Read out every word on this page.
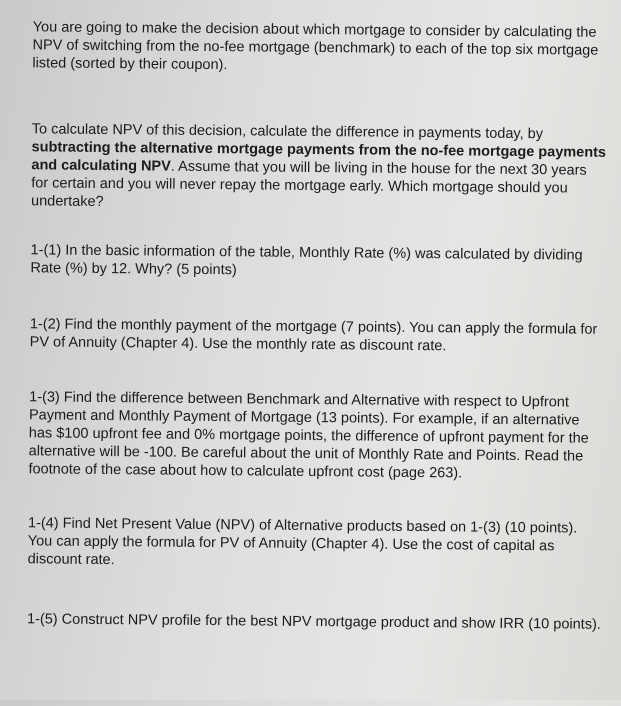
You are going to make the decision about which mortgage to consider by calculating the NPV of switching from the no-fee mortgage (benchmark) to each of the top six mortgage listed (sorted by their coupon).

To calculate NPV of this decision, calculate the difference in payments today, by subtracting the alternative mortgage payments from the no-fee mortgage payments and calculating NPV. Assume that you will be living in the house for the next 30 years for certain and you will never repay the mortgage early. Which mortgage should you undertake?

1-(1) In the basic information of the table, Monthly Rate (%) was calculated by dividing Rate (%) by 12. Why? (5 points)

1-(2) Find the monthly payment of the mortgage (7 points). You can apply the formula for PV of Annuity (Chapter 4). Use the monthly rate as discount rate.

1-(3) Find the difference between Benchmark and Alternative with respect to Upfront Payment and Monthly Payment of Mortgage (13 points). For example, if an alternative has $100 upfront fee and 0% mortgage points, the difference of upfront payment for the alternative will be -100. Be careful about the unit of Monthly Rate and Points. Read the footnote of the case about how to calculate upfront cost (page 263).

1-(4) Find Net Present Value (NPV) of Alternative products based on 1-(3) (10 points). You can apply the formula for PV of Annuity (Chapter 4). Use the cost of capital as discount rate.

1-(5) Construct NPV profile for the best NPV mortgage product and show IRR (10 points).
